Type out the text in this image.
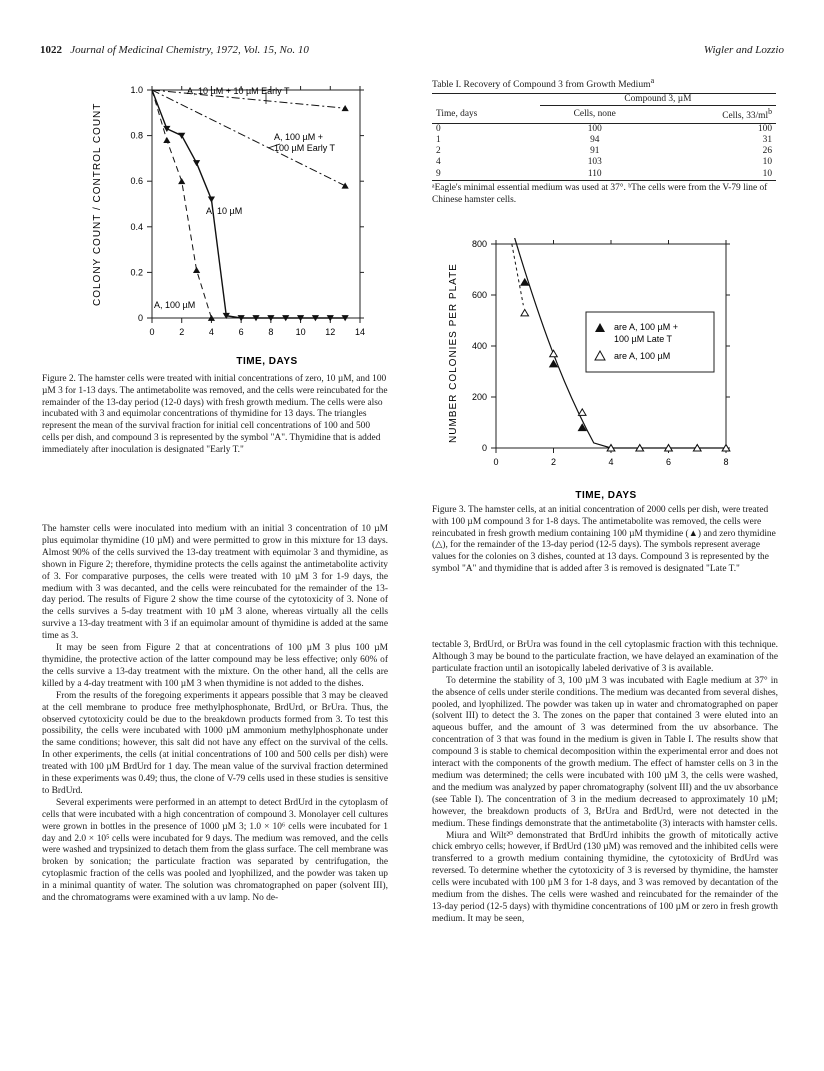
1022 Journal of Medicinal Chemistry, 1972, Vol. 15, No. 10	Wigler and Lozzio
0	2	4	6	8 10 12 14
0
0.2
0.4
0.6
0.8
1.0
COLONY COUNT / CONTROL COUNT
TIME, DAYS
A, 10 µM + 10 µM Early T
A, 100 µM +
100 µM Early T
A, 10 µM
A, 100 µM
Figure 2. The hamster cells were treated with initial concentrations of zero, 10 µM, and 100 µM 3 for 1-13 days. The antimetabolite was removed, and the cells were reincubated for the remainder of the 13-day period (12-0 days) with fresh growth medium. The cells were also incubated with 3 and equimolar concentrations of thymidine for 13 days. The triangles represent the mean of the survival fraction for initial cell concentrations of 100 and 500 cells per dish, and compound 3 is represented by the symbol "A". Thymidine that is added immediately after inoculation is designated "Early T."
Table I. Recovery of Compound 3 from Growth Medium$^a$
	Compound 3, µM	
Time, days	Cells, none	Cells, $33/ml^b$
0	100	100
1	94	31
2	91	26
4	103	10
9	110	10
ᵃEagle's minimal essential medium was used at 37°. ᵇThe cells were from the V-79 line of Chinese hamster cells.
0	2	4	6	8
0
200
400
600
800
NUMBER COLONIES PER PLATE
TIME, DAYS
are A, 100 µM +
100 µM Late T
are A, 100 µM
Figure 3. The hamster cells, at an initial concentration of 2000 cells per dish, were treated with 100 µM compound 3 for 1-8 days. The antimetabolite was removed, the cells were reincubated in fresh growth medium containing 100 µM thymidine (▲) and zero thymidine (△), for the remainder of the 13-day period (12-5 days). The symbols represent average values for the colonies on 3 dishes, counted at 13 days. Compound 3 is represented by the symbol "A" and thymidine that is added after 3 is removed is designated "Late T."

The hamster cells were inoculated into medium with an initial 3 concentration of 10 µM plus equimolar thymidine (10 µM) and were permitted to grow in this mixture for 13 days. Almost 90% of the cells survived the 13-day treatment with equimolar 3 and thymidine, as shown in Figure 2; therefore, thymidine protects the cells against the antimetabolite activity of 3. For comparative purposes, the cells were treated with 10 µM 3 for 1-9 days, the medium with 3 was decanted, and the cells were reincubated for the remainder of the 13-day period. The results of Figure 2 show the time course of the cytotoxicity of 3. None of the cells survives a 5-day treatment with 10 µM 3 alone, whereas virtually all the cells survive a 13-day treatment with 3 if an equimolar amount of thymidine is added at the same time as 3.

It may be seen from Figure 2 that at concentrations of 100 µM 3 plus 100 µM thymidine, the protective action of the latter compound may be less effective; only 60% of the cells survive a 13-day treatment with the mixture. On the other hand, all the cells are killed by a 4-day treatment with 100 µM 3 when thymidine is not added to the dishes.

From the results of the foregoing experiments it appears possible that 3 may be cleaved at the cell membrane to produce free methylphosphonate, BrdUrd, or BrUra. Thus, the observed cytotoxicity could be due to the breakdown products formed from 3. To test this possibility, the cells were incubated with 1000 µM ammonium methylphosphonate under the same conditions; however, this salt did not have any effect on the survival of the cells. In other experiments, the cells (at initial concentrations of 100 and 500 cells per dish) were treated with 100 µM BrdUrd for 1 day. The mean value of the survival fraction determined in these experiments was 0.49; thus, the clone of V-79 cells used in these studies is sensitive to BrdUrd.

Several experiments were performed in an attempt to detect BrdUrd in the cytoplasm of cells that were incubated with a high concentration of compound 3. Monolayer cell cultures were grown in bottles in the presence of 1000 µM 3; 1.0 × 10⁶ cells were incubated for 1 day and 2.0 × 10⁵ cells were incubated for 9 days. The medium was removed, and the cells were washed and trypsinized to detach them from the glass surface. The cell membrane was broken by sonication; the particulate fraction was separated by centrifugation, the cytoplasmic fraction of the cells was pooled and lyophilized, and the powder was taken up in a minimal quantity of water. The solution was chromatographed on paper (solvent III), and the chromatograms were examined with a uv lamp. No de-

tectable 3, BrdUrd, or BrUra was found in the cell cytoplasmic fraction with this technique. Although 3 may be bound to the particulate fraction, we have delayed an examination of the particulate fraction until an isotopically labeled derivative of 3 is available.

To determine the stability of 3, 100 µM 3 was incubated with Eagle medium at 37° in the absence of cells under sterile conditions. The medium was decanted from several dishes, pooled, and lyophilized. The powder was taken up in water and chromatographed on paper (solvent III) to detect the 3. The zones on the paper that contained 3 were eluted into an aqueous buffer, and the amount of 3 was determined from the uv absorbance. The concentration of 3 that was found in the medium is given in Table I. The results show that compound 3 is stable to chemical decomposition within the experimental error and does not interact with the components of the growth medium. The effect of hamster cells on 3 in the medium was determined; the cells were incubated with 100 µM 3, the cells were washed, and the medium was analyzed by paper chromatography (solvent III) and the uv absorbance (see Table I). The concentration of 3 in the medium decreased to approximately 10 µM; however, the breakdown products of 3, BrUra and BrdUrd, were not detected in the medium. These findings demonstrate that the antimetabolite (3) interacts with hamster cells.

Miura and Wilt²⁰ demonstrated that BrdUrd inhibits the growth of mitotically active chick embryo cells; however, if BrdUrd (130 µM) was removed and the inhibited cells were transferred to a growth medium containing thymidine, the cytotoxicity of BrdUrd was reversed. To determine whether the cytotoxicity of 3 is reversed by thymidine, the hamster cells were incubated with 100 µM 3 for 1-8 days, and 3 was removed by decantation of the medium from the dishes. The cells were washed and reincubated for the remainder of the 13-day period (12-5 days) with thymidine concentrations of 100 µM or zero in fresh growth medium. It may be seen,
